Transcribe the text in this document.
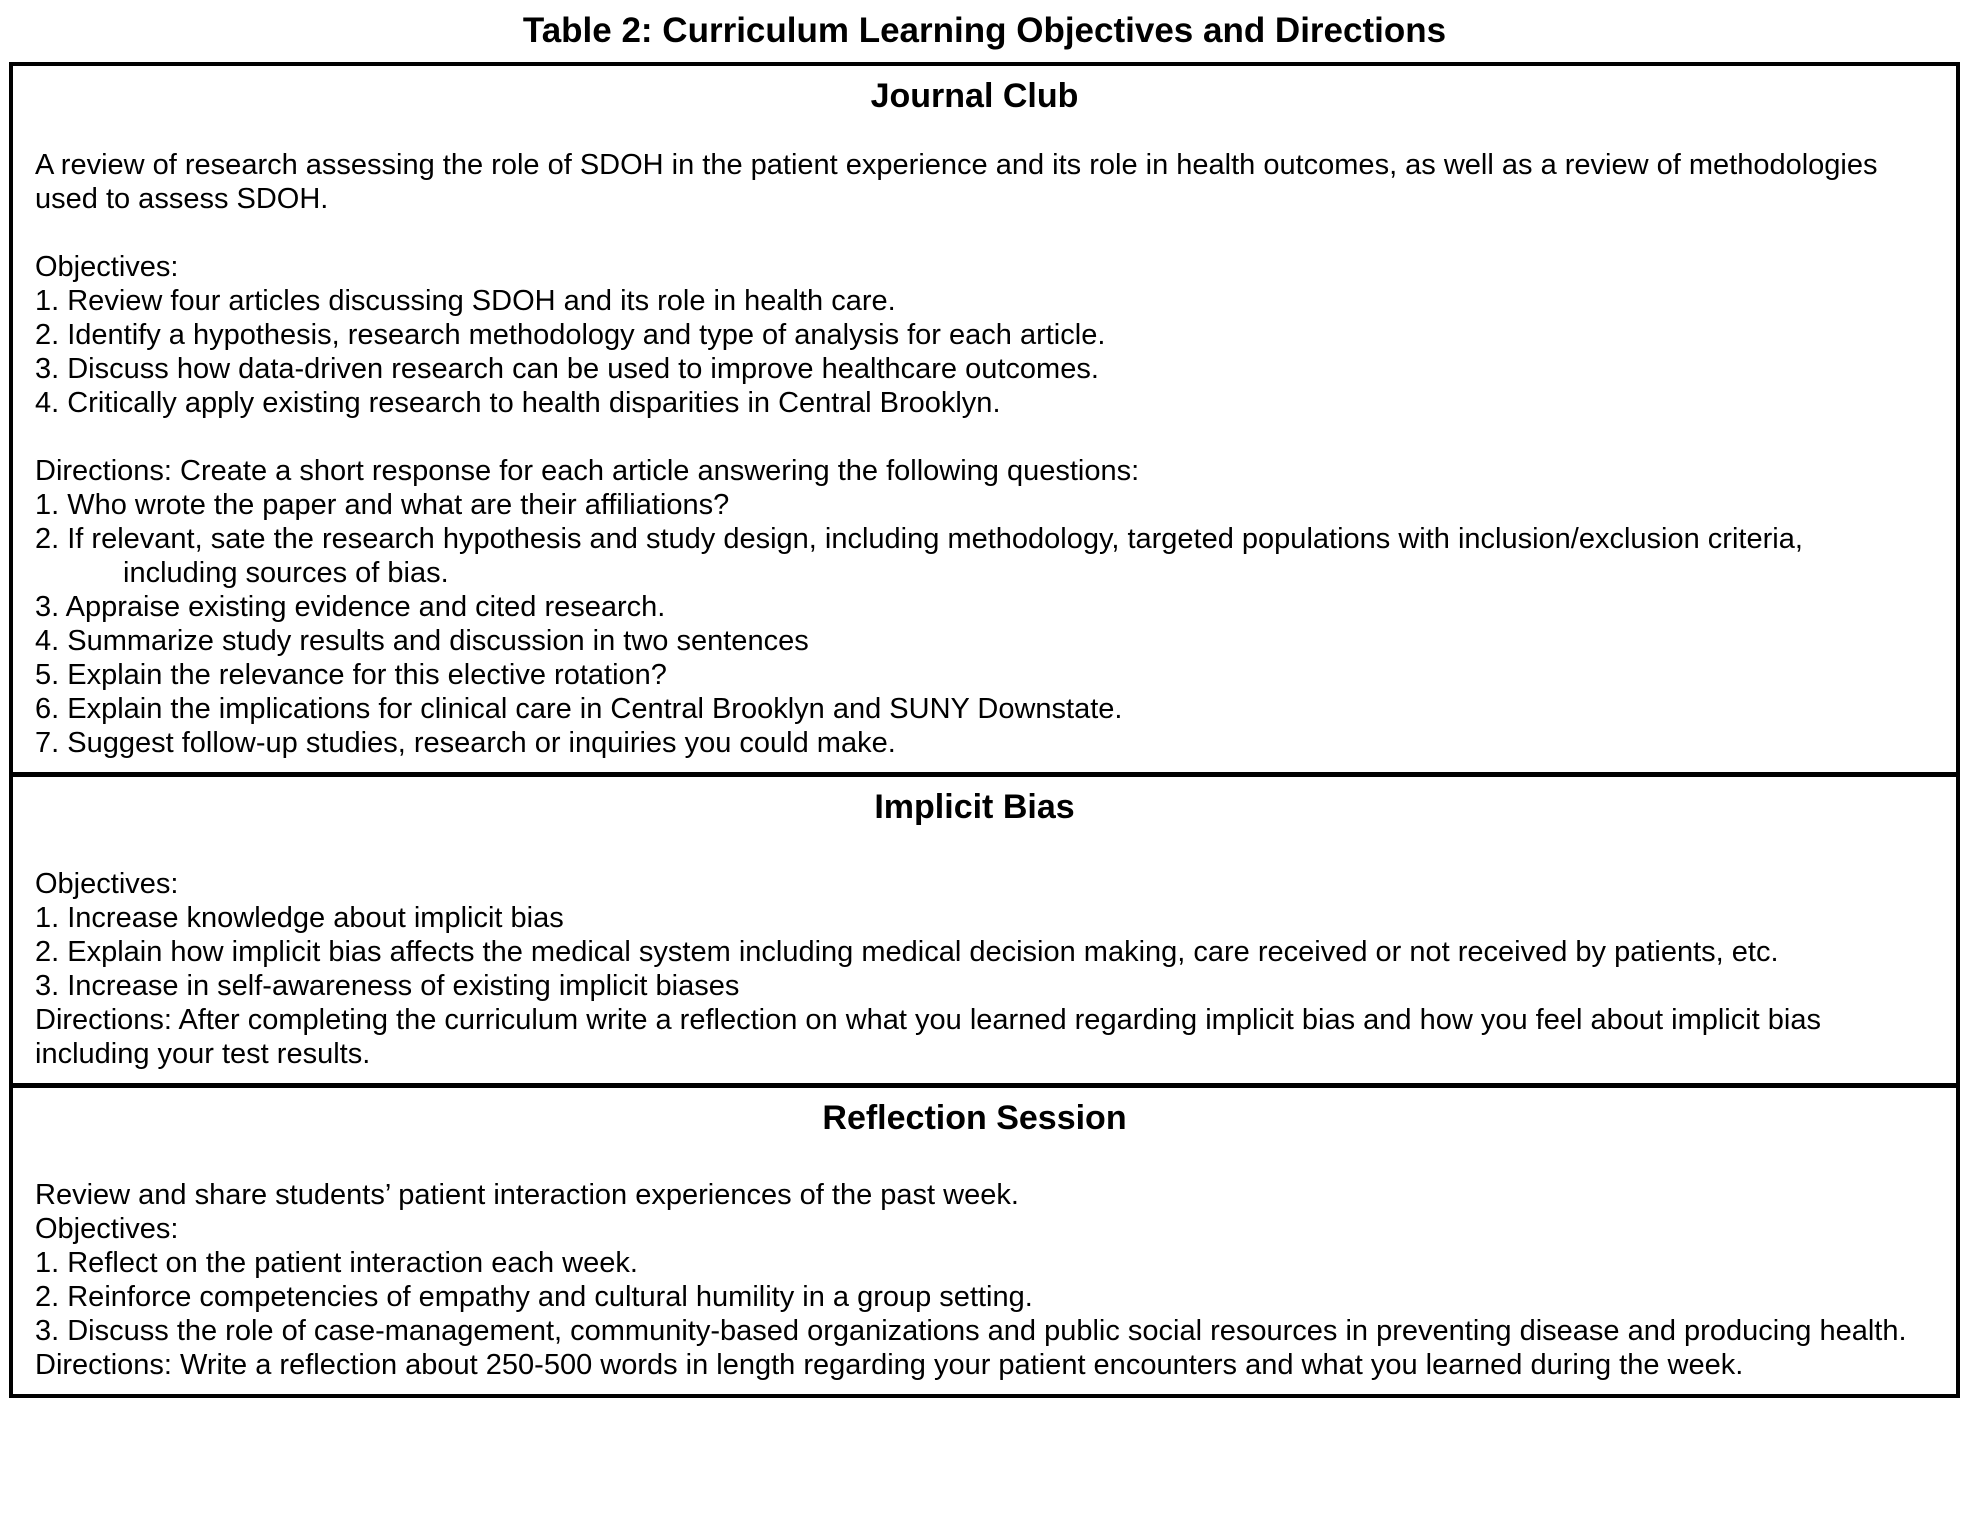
Table 2: Curriculum Learning Objectives and Directions
Journal Club

A review of research assessing the role of SDOH in the patient experience and its role in health outcomes, as well as a review of methodologies used to assess SDOH.

Objectives:

1. Review four articles discussing SDOH and its role in health care.
2. Identify a hypothesis, research methodology and type of analysis for each article.
3. Discuss how data-driven research can be used to improve healthcare outcomes.
4. Critically apply existing research to health disparities in Central Brooklyn.

Directions: Create a short response for each article answering the following questions:

1. Who wrote the paper and what are their affiliations?
2. If relevant, sate the research hypothesis and study design, including methodology, targeted populations with inclusion/exclusion criteria, including sources of bias.
3. Appraise existing evidence and cited research.
4. Summarize study results and discussion in two sentences
5. Explain the relevance for this elective rotation?
6. Explain the implications for clinical care in Central Brooklyn and SUNY Downstate.
7. Suggest follow-up studies, research or inquiries you could make.
Implicit Bias

Objectives:

1. Increase knowledge about implicit bias
2. Explain how implicit bias affects the medical system including medical decision making, care received or not received by patients, etc.
3. Increase in self-awareness of existing implicit biases

Directions: After completing the curriculum write a reflection on what you learned regarding implicit bias and how you feel about implicit bias including your test results.

Reflection Session

Review and share students’ patient interaction experiences of the past week.

Objectives:

1. Reflect on the patient interaction each week.
2. Reinforce competencies of empathy and cultural humility in a group setting.
3. Discuss the role of case-management, community-based organizations and public social resources in preventing disease and producing health.

Directions: Write a reflection about 250-500 words in length regarding your patient encounters and what you learned during the week.
